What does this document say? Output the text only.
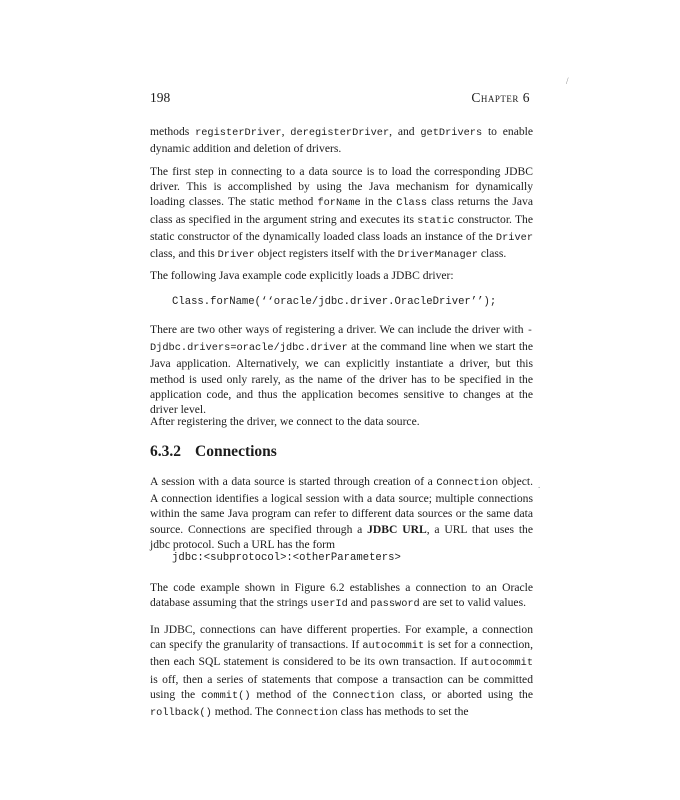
198	Chapter 6
/
methods registerDriver, deregisterDriver, and getDrivers to enable dynamic addition and deletion of drivers.
The first step in connecting to a data source is to load the corresponding JDBC driver. This is accomplished by using the Java mechanism for dynamically loading classes. The static method forName in the Class class returns the Java class as specified in the argument string and executes its static constructor. The static constructor of the dynamically loaded class loads an instance of the Driver class, and this Driver object registers itself with the DriverManager class.
The following Java example code explicitly loads a JDBC driver:
Class.forName(‘‘oracle/jdbc.driver.OracleDriver’’);
There are two other ways of registering a driver. We can include the driver with -Djdbc.drivers=oracle/jdbc.driver at the command line when we start the Java application. Alternatively, we can explicitly instantiate a driver, but this method is used only rarely, as the name of the driver has to be specified in the application code, and thus the application becomes sensitive to changes at the driver level.
After registering the driver, we connect to the data source.
6.3.2 Connections
A session with a data source is started through creation of a Connection object. A connection identifies a logical session with a data source; multiple connections within the same Java program can refer to different data sources or the same data source. Connections are specified through a JDBC URL, a URL that uses the jdbc protocol. Such a URL has the form
.
jdbc:<subprotocol>:<otherParameters>
The code example shown in Figure 6.2 establishes a connection to an Oracle database assuming that the strings userId and password are set to valid values.
In JDBC, connections can have different properties. For example, a connection can specify the granularity of transactions. If autocommit is set for a connection, then each SQL statement is considered to be its own transaction. If autocommit is off, then a series of statements that compose a transaction can be committed using the commit() method of the Connection class, or aborted using the rollback() method. The Connection class has methods to set the
